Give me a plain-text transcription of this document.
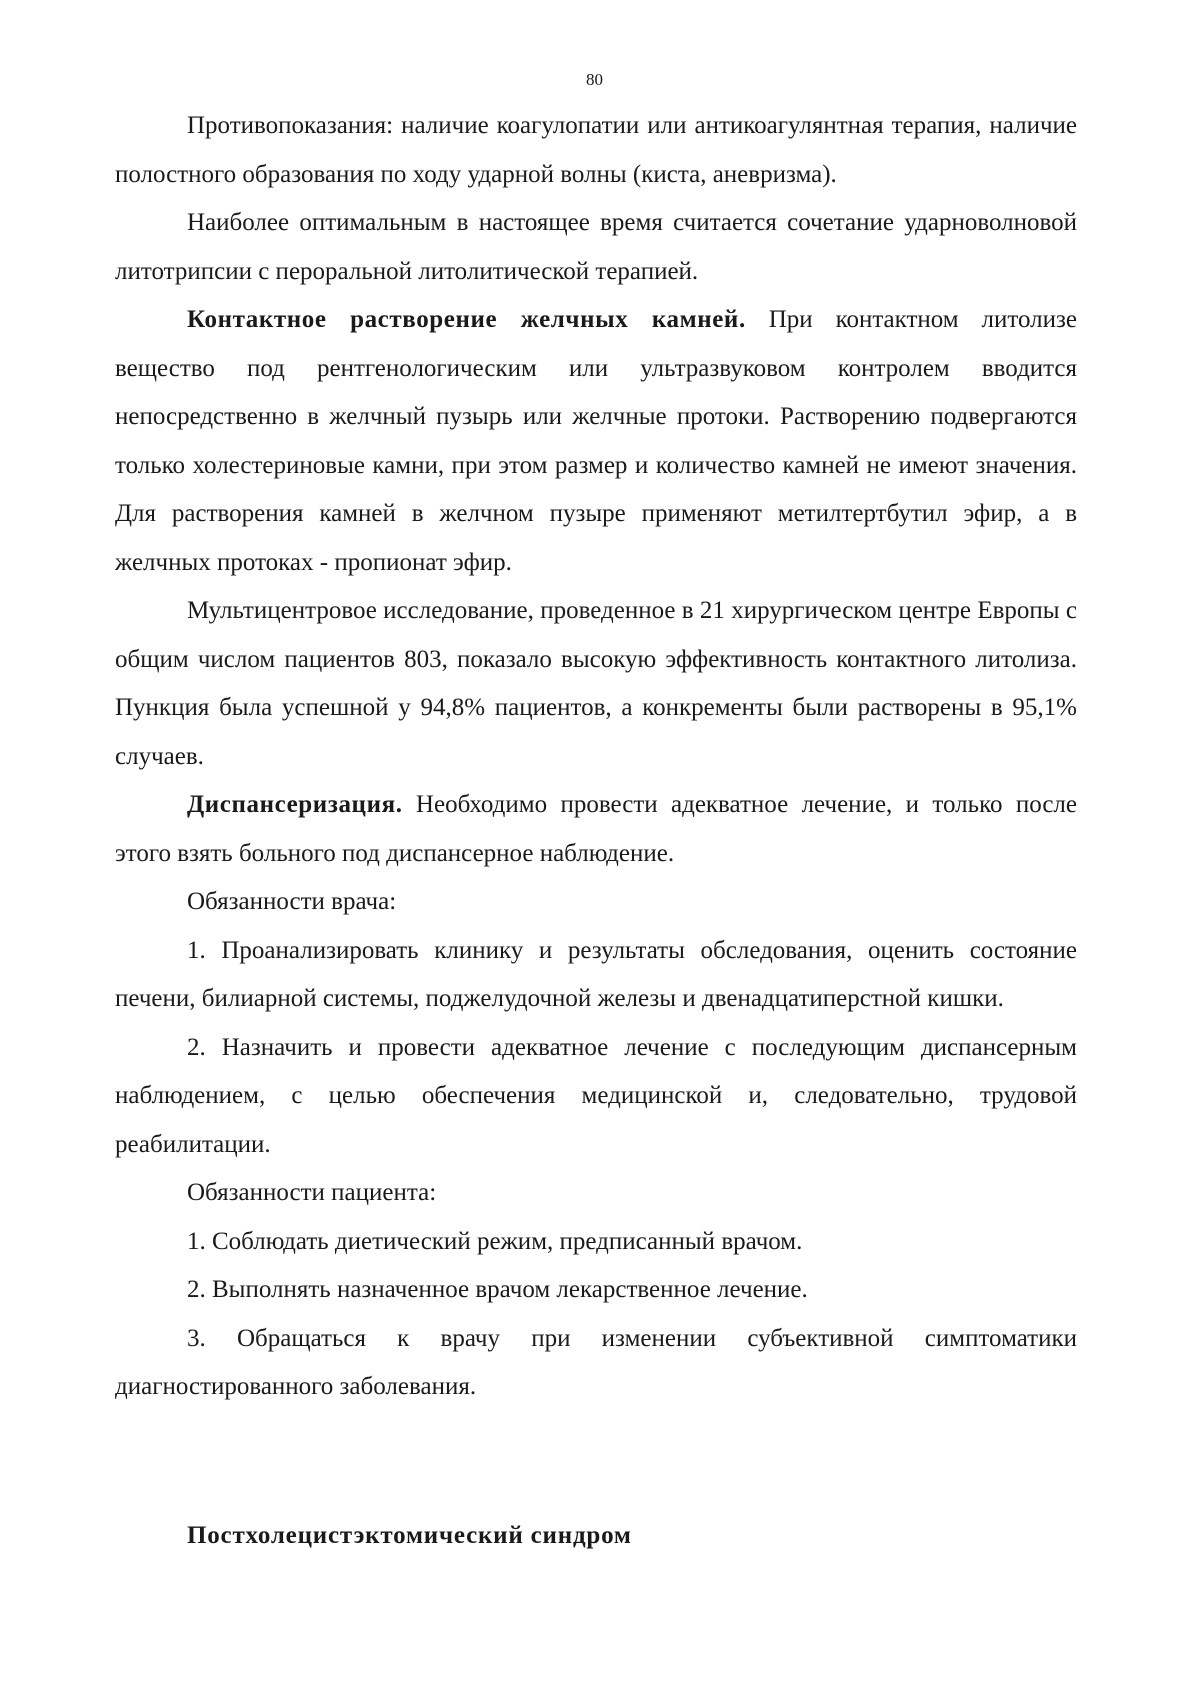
80

Противопоказания: наличие коагулопатии или антикоагулянтная терапия, наличие полостного образования по ходу ударной волны (киста, аневризма).

Наиболее оптимальным в настоящее время считается сочетание ударноволновой литотрипсии с пероральной литолитической терапией.

Контактное растворение желчных камней. При контактном литолизе вещество под рентгенологическим или ультразвуковом контролем вводится непосредственно в желчный пузырь или желчные протоки. Растворению подвергаются только холестериновые камни, при этом размер и количество камней не имеют значения. Для растворения камней в желчном пузыре применяют метилтертбутил эфир, а в желчных протоках - пропионат эфир.

Мультицентровое исследование, проведенное в 21 хирургическом центре Европы с общим числом пациентов 803, показало высокую эффективность контактного литолиза. Пункция была успешной у 94,8% пациентов, а конкременты были растворены в 95,1% случаев.

Диспансеризация. Необходимо провести адекватное лечение, и только после этого взять больного под диспансерное наблюдение.

Обязанности врача:

1. Проанализировать клинику и результаты обследования, оценить состояние печени, билиарной системы, поджелудочной железы и двенадцатиперстной кишки.

2. Назначить и провести адекватное лечение с последующим диспансерным наблюдением, с целью обеспечения медицинской и, следовательно, трудовой реабилитации.

Обязанности пациента:

1. Соблюдать диетический режим, предписанный врачом.

2. Выполнять назначенное врачом лекарственное лечение.

3. Обращаться к врачу при изменении субъективной симптоматики диагностированного заболевания.

Постхолецистэктомический синдром
